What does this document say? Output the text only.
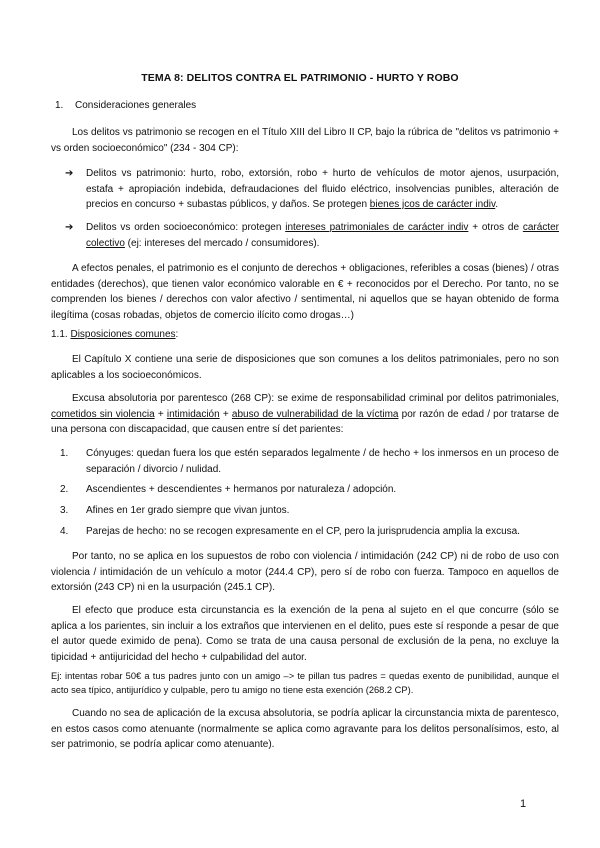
TEMA 8: DELITOS CONTRA EL PATRIMONIO - HURTO Y ROBO

1. Consideraciones generales

Los delitos vs patrimonio se recogen en el Título XIII del Libro II CP, bajo la rúbrica de "delitos vs patrimonio + vs orden socioeconómico" (234 - 304 CP):

➔ Delitos vs patrimonio: hurto, robo, extorsión, robo + hurto de vehículos de motor ajenos, usurpación, estafa + apropiación indebida, defraudaciones del fluido eléctrico, insolvencias punibles, alteración de precios en concurso + subastas públicos, y daños. Se protegen bienes jcos de carácter indiv.

➔ Delitos vs orden socioeconómico: protegen intereses patrimoniales de carácter indiv + otros de carácter colectivo (ej: intereses del mercado / consumidores).

A efectos penales, el patrimonio es el conjunto de derechos + obligaciones, referibles a cosas (bienes) / otras entidades (derechos), que tienen valor económico valorable en € + reconocidos por el Derecho. Por tanto, no se comprenden los bienes / derechos con valor afectivo / sentimental, ni aquellos que se hayan obtenido de forma ilegítima (cosas robadas, objetos de comercio ilícito como drogas…)

1.1. Disposiciones comunes:

El Capítulo X contiene una serie de disposiciones que son comunes a los delitos patrimoniales, pero no son aplicables a los socioeconómicos.

Excusa absolutoria por parentesco (268 CP): se exime de responsabilidad criminal por delitos patrimoniales, cometidos sin violencia + intimidación + abuso de vulnerabilidad de la víctima por razón de edad / por tratarse de una persona con discapacidad, que causen entre sí det parientes:

1. Cónyuges: quedan fuera los que estén separados legalmente / de hecho + los inmersos en un proceso de separación / divorcio / nulidad.

2. Ascendientes + descendientes + hermanos por naturaleza / adopción.

3. Afines en 1er grado siempre que vivan juntos.

4. Parejas de hecho: no se recogen expresamente en el CP, pero la jurisprudencia amplia la excusa.

Por tanto, no se aplica en los supuestos de robo con violencia / intimidación (242 CP) ni de robo de uso con violencia / intimidación de un vehículo a motor (244.4 CP), pero sí de robo con fuerza. Tampoco en aquellos de extorsión (243 CP) ni en la usurpación (245.1 CP).

El efecto que produce esta circunstancia es la exención de la pena al sujeto en el que concurre (sólo se aplica a los parientes, sin incluir a los extraños que intervienen en el delito, pues este sí responde a pesar de que el autor quede eximido de pena). Como se trata de una causa personal de exclusión de la pena, no excluye la tipicidad + antijuricidad del hecho + culpabilidad del autor.

Ej: intentas robar 50€ a tus padres junto con un amigo –> te pillan tus padres = quedas exento de punibilidad, aunque el acto sea típico, antijurídico y culpable, pero tu amigo no tiene esta exención (268.2 CP).

Cuando no sea de aplicación de la excusa absolutoria, se podría aplicar la circunstancia mixta de parentesco, en estos casos como atenuante (normalmente se aplica como agravante para los delitos personalísimos, esto, al ser patrimonio, se podría aplicar como atenuante).

1
